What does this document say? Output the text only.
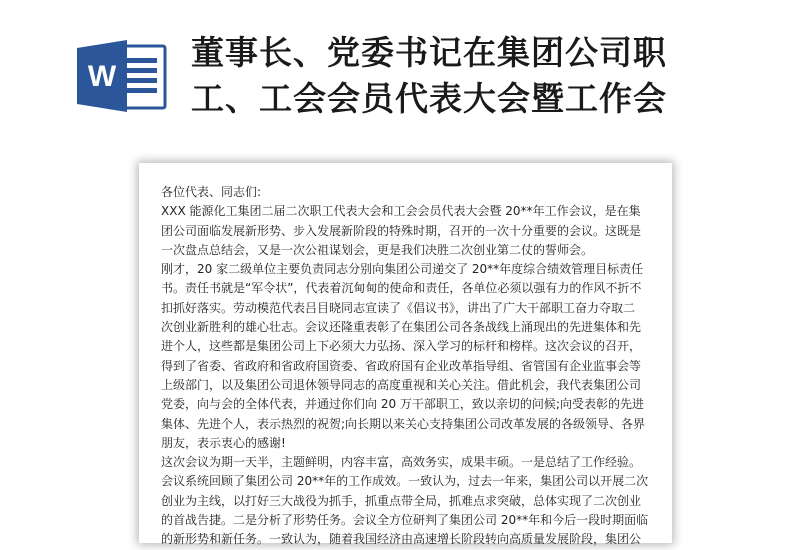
W
董事长、党委书记在集团公司职
工、工会会员代表大会暨工作会

各位代表、同志们:

XXX 能源化工集团二届二次职工代表大会和工会会员代表大会暨 20**年工作会议，是在集

团公司面临发展新形势、步入发展新阶段的特殊时期，召开的一次十分重要的会议。这既是

一次盘点总结会，又是一次公祖谋划会，更是我们决胜二次创业第二仗的誓师会。

刚才，20 家二级单位主要负责同志分别向集团公司递交了 20**年度综合绩效管理目标责任

书。责任书就是“军令状”，代表着沉甸甸的使命和责任，各单位必须以强有力的作风不折不

扣抓好落实。劳动模范代表吕目晓同志宣读了《倡议书》，讲出了广大干部职工奋力夺取二

次创业新胜利的雄心壮志。会议还隆重表彰了在集团公司各条战线上涌现出的先进集体和先

进个人，这些都是集团公司上下必须大力弘扬、深入学习的标杆和榜样。这次会议的召开，

得到了省委、省政府和省政府国资委、省政府国有企业改革指导组、省管国有企业监事会等

上级部门，以及集团公司退休领导同志的高度重视和关心关注。借此机会，我代表集团公司

党委，向与会的全体代表，并通过你们向 20 万干部职工，致以亲切的问候;向受表彰的先进

集体、先进个人，表示热烈的祝贺;向长期以来关心支持集团公司改革发展的各级领导、各界

朋友，表示衷心的感谢!

这次会议为期一天半，主题鲜明，内容丰富，高效务实，成果丰硕。一是总结了工作经验。

会议系统回顾了集团公司 20**年的工作成效。一致认为，过去一年来，集团公司以开展二次

创业为主线，以打好三大战役为抓手，抓重点带全局，抓难点求突破，总体实现了二次创业

的首战告捷。二是分析了形势任务。会议全方位研判了集团公司 20**年和今后一段时期面临

的新形势和新任务。一致认为，随着我国经济由高速增长阶段转向高质量发展阶段，集团公
